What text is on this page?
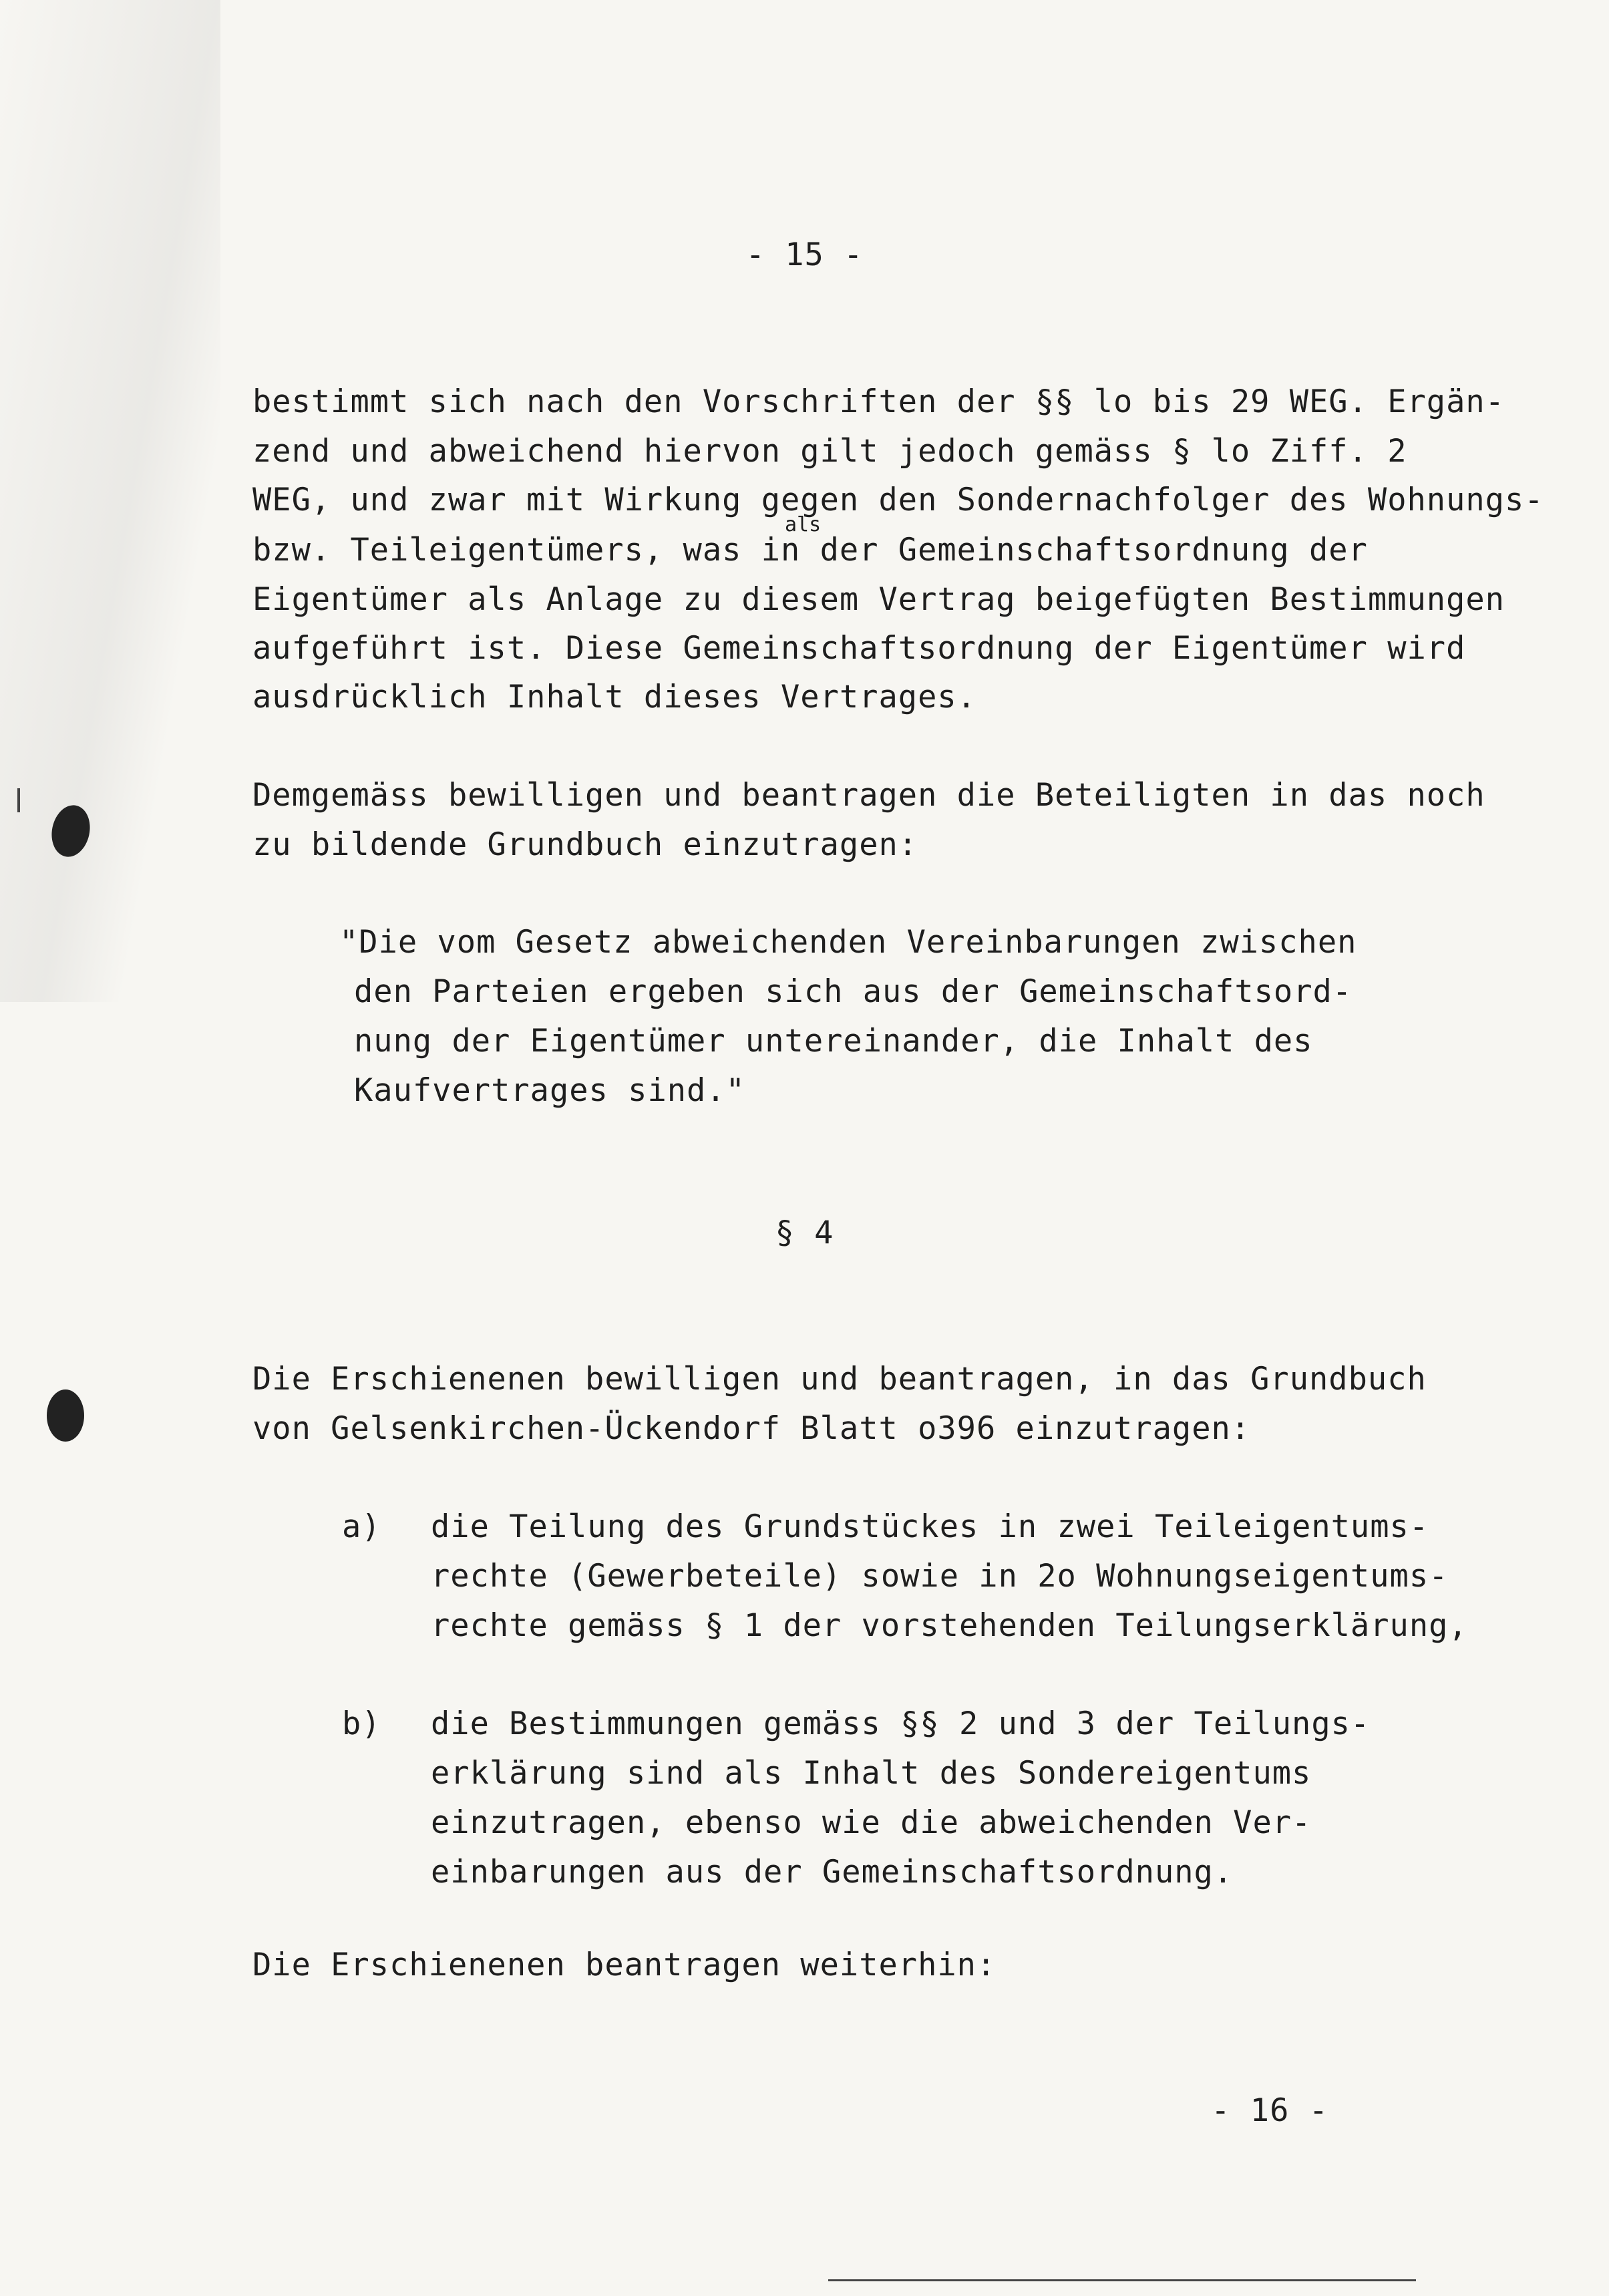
- 15 -
bestimmt sich nach den Vorschriften der §§ lo bis 29 WEG. Ergän-
zend und abweichend hiervon gilt jedoch gemäss § lo Ziff. 2
WEG, und zwar mit Wirkung gegen den Sondernachfolger des Wohnungs-
als
bzw. Teileigentümers, was in der Gemeinschaftsordnung der
Eigentümer als Anlage zu diesem Vertrag beigefügten Bestimmungen
aufgeführt ist. Diese Gemeinschaftsordnung der Eigentümer wird
ausdrücklich Inhalt dieses Vertrages.
Demgemäss bewilligen und beantragen die Beteiligten in das noch
zu bildende Grundbuch einzutragen:
"Die vom Gesetz abweichenden Vereinbarungen zwischen
den Parteien ergeben sich aus der Gemeinschaftsord-
nung der Eigentümer untereinander, die Inhalt des
Kaufvertrages sind."
§ 4
Die Erschienenen bewilligen und beantragen, in das Grundbuch
von Gelsenkirchen-Ückendorf Blatt o396 einzutragen:
a) die Teilung des Grundstückes in zwei Teileigentums-
rechte (Gewerbeteile) sowie in 2o Wohnungseigentums-
rechte gemäss § 1 der vorstehenden Teilungserklärung,
b) die Bestimmungen gemäss §§ 2 und 3 der Teilungs-
erklärung sind als Inhalt des Sondereigentums
einzutragen, ebenso wie die abweichenden Ver-
einbarungen aus der Gemeinschaftsordnung.
Die Erschienenen beantragen weiterhin:
- 16 -
